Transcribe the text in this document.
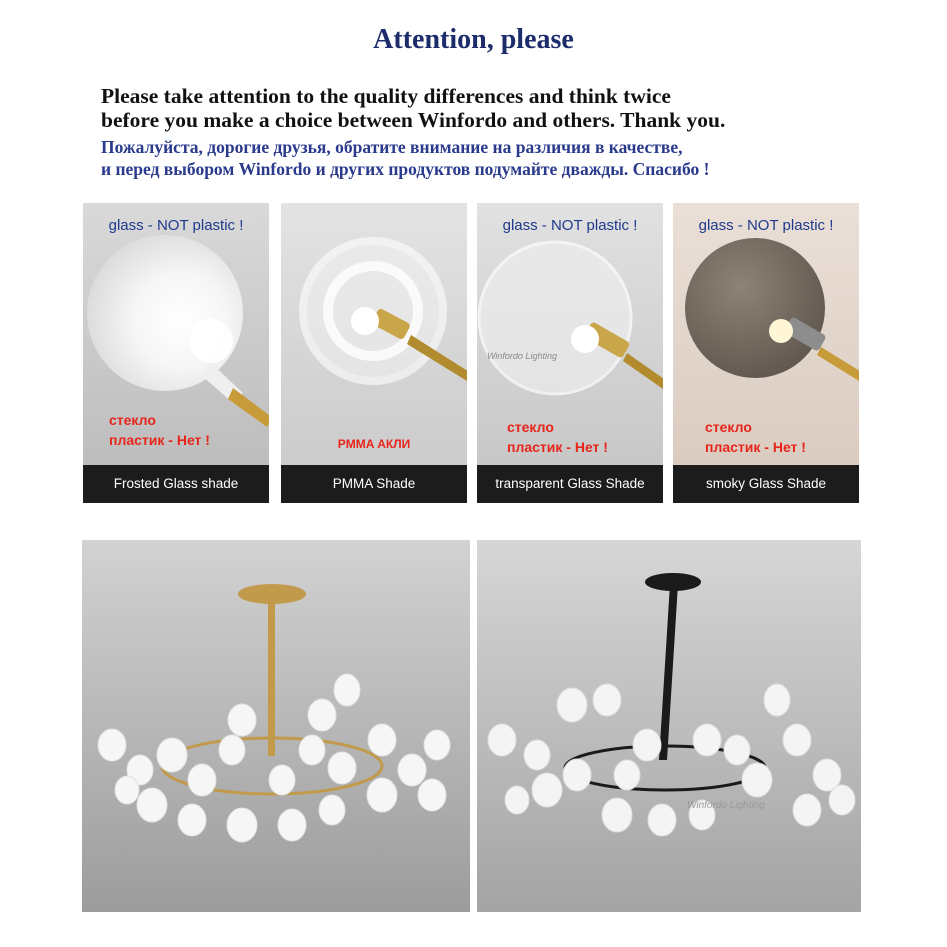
Attention, please
Please take attention to the quality differences and think twice
before you make a choice between Winfordo and others. Thank you.
Пожалуйста, дорогие друзья, обратите внимание на различия в качестве,
и перед выбором Winfordo и других продуктов подумайте дважды. Спасибо !
glass - NOT plastic !
стекло
пластик - Нет !
Frosted Glass shade
PMMA АКЛИ
PMMA Shade
glass - NOT plastic !
Winfordo Lighting
стекло
пластик - Нет !
transparent Glass Shade
glass - NOT plastic !
стекло
пластик - Нет !
smoky Glass Shade
Winfordo Lighting
